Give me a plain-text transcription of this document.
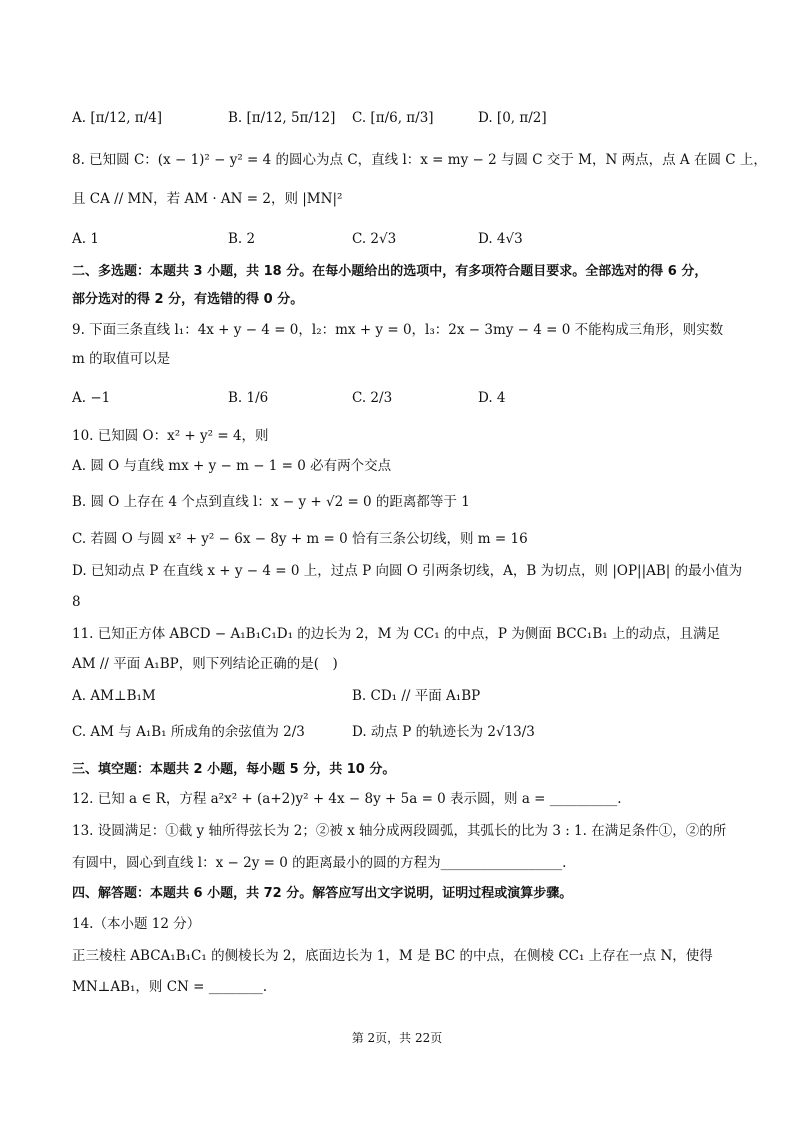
A. [π/12, π/4]	B. [π/12, 5π/12] C. [π/6, π/3]	D. [0, π/2]
8. 已知圆 C：(x − 1)² − y² = 4 的圆心为点 C，直线 l：x = my − 2 与圆 C 交于 M，N 两点，点 A 在圆 C 上，
且 CA // MN，若 AM · AN = 2，则 |MN|²
A. 1	B. 2	C. 2√3	D. 4√3
二、多选题：本题共 3 小题，共 18 分。在每小题给出的选项中，有多项符合题目要求。全部选对的得 6 分，
部分选对的得 2 分，有选错的得 0 分。
9. 下面三条直线 l₁：4x + y − 4 = 0，l₂：mx + y = 0，l₃：2x − 3my − 4 = 0 不能构成三角形，则实数
m 的取值可以是
A. −1	B. 1/6	C. 2/3	D. 4
10. 已知圆 O：x² + y² = 4，则
A. 圆 O 与直线 mx + y − m − 1 = 0 必有两个交点
B. 圆 O 上存在 4 个点到直线 l：x − y + √2 = 0 的距离都等于 1
C. 若圆 O 与圆 x² + y² − 6x − 8y + m = 0 恰有三条公切线，则 m = 16
D. 已知动点 P 在直线 x + y − 4 = 0 上，过点 P 向圆 O 引两条切线，A，B 为切点，则 |OP||AB| 的最小值为
8
11. 已知正方体 ABCD − A₁B₁C₁D₁ 的边长为 2，M 为 CC₁ 的中点，P 为侧面 BCC₁B₁ 上的动点，且满足
AM // 平面 A₁BP，则下列结论正确的是(　)
A. AM⊥B₁M	B. CD₁ // 平面 A₁BP
C. AM 与 A₁B₁ 所成角的余弦值为 2/3	D. 动点 P 的轨迹长为 2√13/3
三、填空题：本题共 2 小题，每小题 5 分，共 10 分。
12. 已知 a ∈ R，方程 a²x² + (a+2)y² + 4x − 8y + 5a = 0 表示圆，则 a = __________.
13. 设圆满足：①截 y 轴所得弦长为 2；②被 x 轴分成两段圆弧，其弧长的比为 3 : 1. 在满足条件①，②的所
有圆中，圆心到直线 l：x − 2y = 0 的距离最小的圆的方程为__________________.
四、解答题：本题共 6 小题，共 72 分。解答应写出文字说明，证明过程或演算步骤。
14.（本小题 12 分）
正三棱柱 ABCA₁B₁C₁ 的侧棱长为 2，底面边长为 1，M 是 BC 的中点，在侧棱 CC₁ 上存在一点 N，使得
MN⊥AB₁，则 CN = ________.
第 2页，共 22页
